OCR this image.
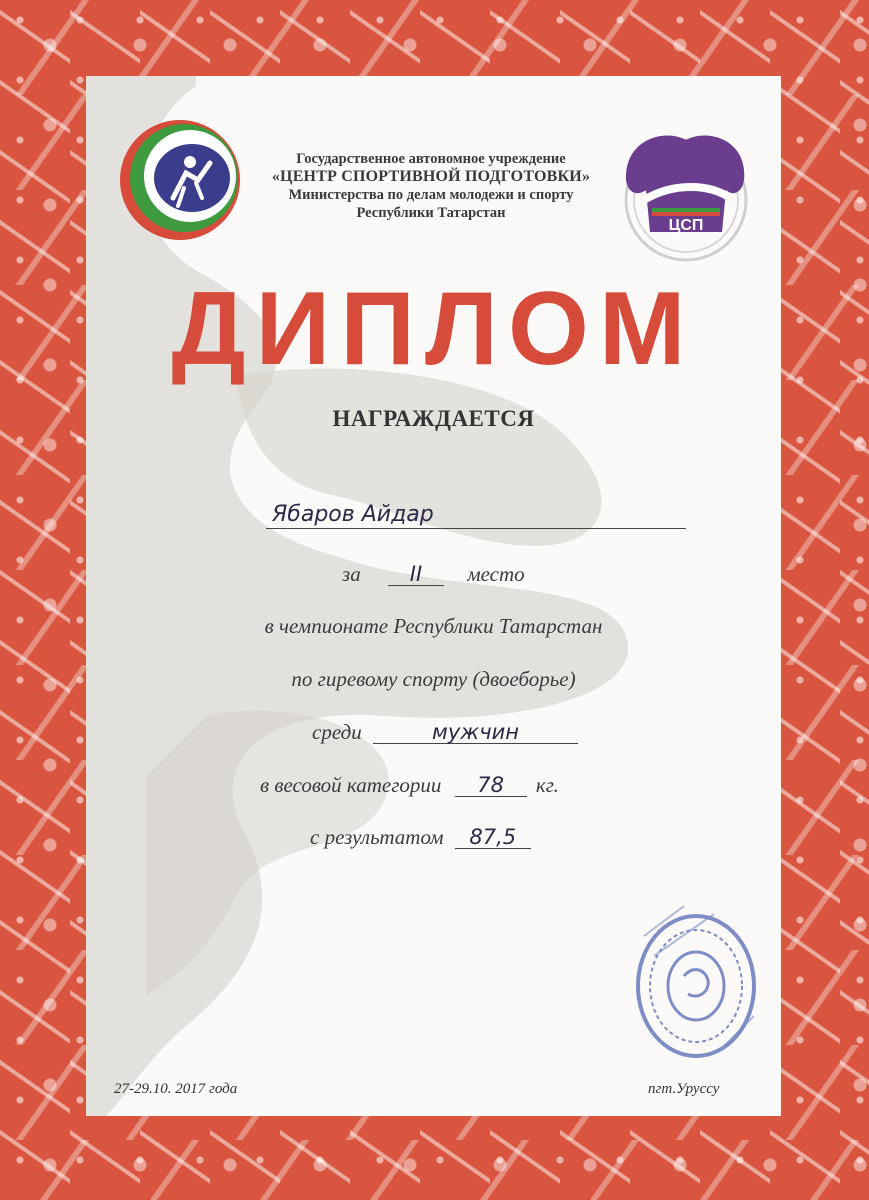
Государственное автономное учреждение
«ЦЕНТР СПОРТИВНОЙ ПОДГОТОВКИ»
Министерства по делам молодежи и спорту
Республики Татарстан
ЦСП
ДИПЛОМ
НАГРАЖДАЕТСЯ
Ябаров Айдар
за II место
в чемпионате Республики Татарстан
по гиревому спорту (двоеборье)
среди	мужчин
в весовой категории 78 кг.
с результатом 87,5
27-29.10. 2017 года	пгт.Уруссу
